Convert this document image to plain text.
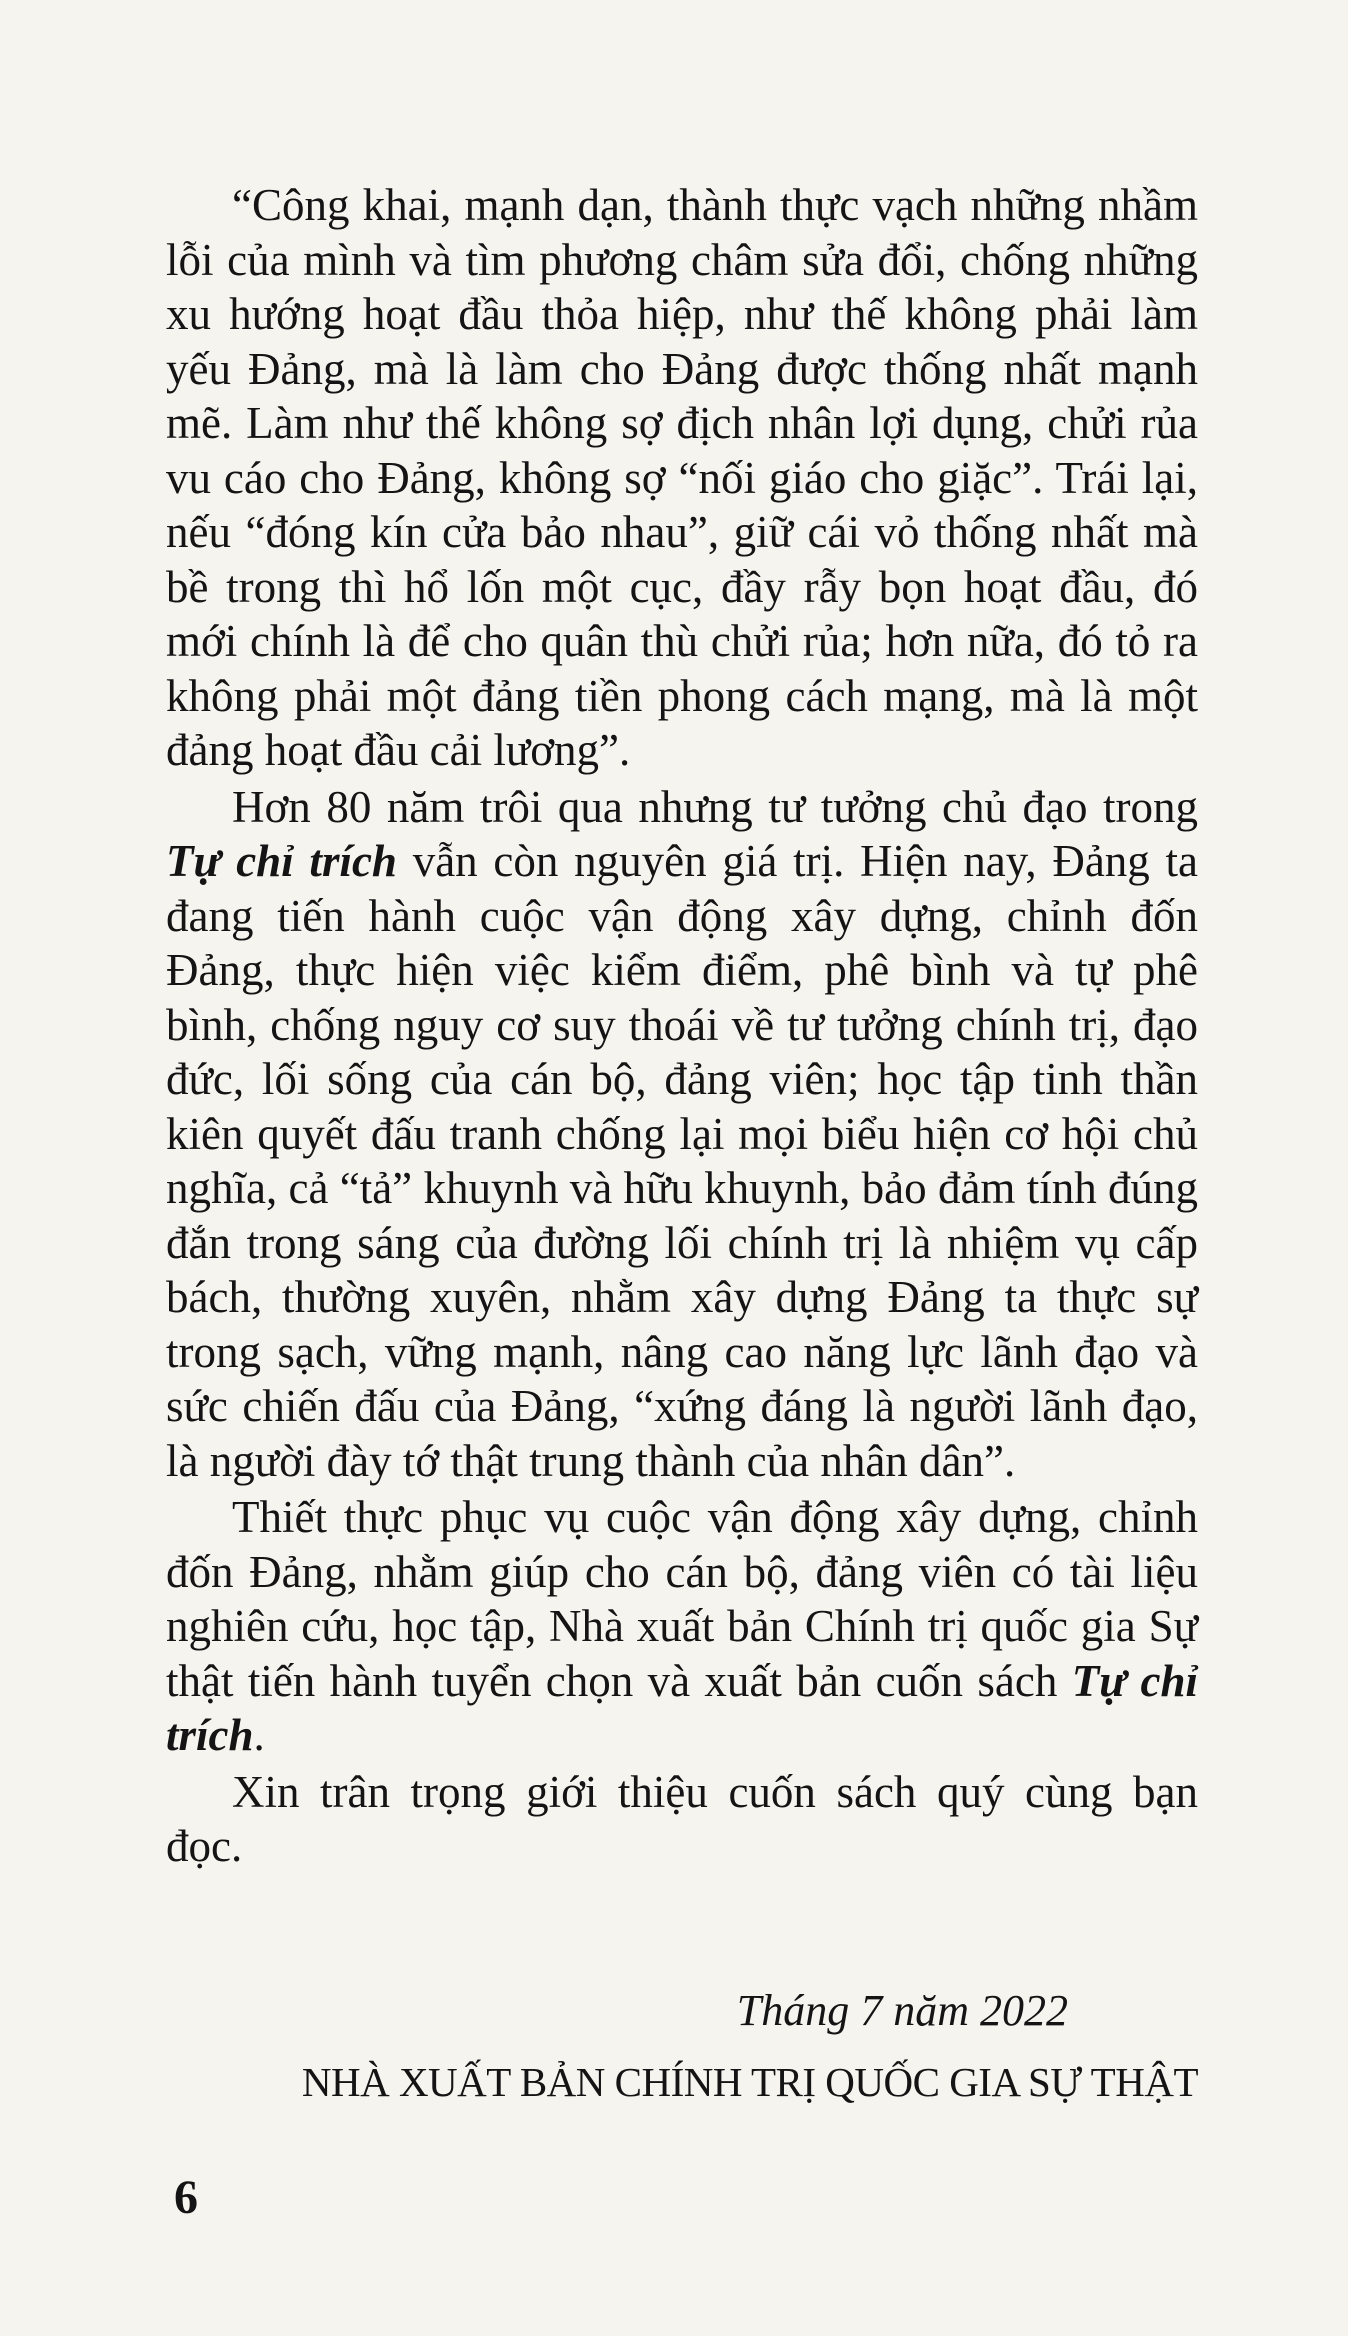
“Công khai, mạnh dạn, thành thực vạch những nhầm lỗi của mình và tìm phương châm sửa đổi, chống những xu hướng hoạt đầu thỏa hiệp, như thế không phải làm yếu Đảng, mà là làm cho Đảng được thống nhất mạnh mẽ. Làm như thế không sợ địch nhân lợi dụng, chửi rủa vu cáo cho Đảng, không sợ “nối giáo cho giặc”. Trái lại, nếu “đóng kín cửa bảo nhau”, giữ cái vỏ thống nhất mà bề trong thì hổ lốn một cục, đầy rẫy bọn hoạt đầu, đó mới chính là để cho quân thù chửi rủa; hơn nữa, đó tỏ ra không phải một đảng tiền phong cách mạng, mà là một đảng hoạt đầu cải lương”.

Hơn 80 năm trôi qua nhưng tư tưởng chủ đạo trong Tự chỉ trích vẫn còn nguyên giá trị. Hiện nay, Đảng ta đang tiến hành cuộc vận động xây dựng, chỉnh đốn Đảng, thực hiện việc kiểm điểm, phê bình và tự phê bình, chống nguy cơ suy thoái về tư tưởng chính trị, đạo đức, lối sống của cán bộ, đảng viên; học tập tinh thần kiên quyết đấu tranh chống lại mọi biểu hiện cơ hội chủ nghĩa, cả “tả” khuynh và hữu khuynh, bảo đảm tính đúng đắn trong sáng của đường lối chính trị là nhiệm vụ cấp bách, thường xuyên, nhằm xây dựng Đảng ta thực sự trong sạch, vững mạnh, nâng cao năng lực lãnh đạo và sức chiến đấu của Đảng, “xứng đáng là người lãnh đạo, là người đày tớ thật trung thành của nhân dân”.

Thiết thực phục vụ cuộc vận động xây dựng, chỉnh đốn Đảng, nhằm giúp cho cán bộ, đảng viên có tài liệu nghiên cứu, học tập, Nhà xuất bản Chính trị quốc gia Sự thật tiến hành tuyển chọn và xuất bản cuốn sách Tự chỉ trích.

Xin trân trọng giới thiệu cuốn sách quý cùng bạn đọc.

Tháng 7 năm 2022
NHÀ XUẤT BẢN CHÍNH TRỊ QUỐC GIA SỰ THẬT
6
